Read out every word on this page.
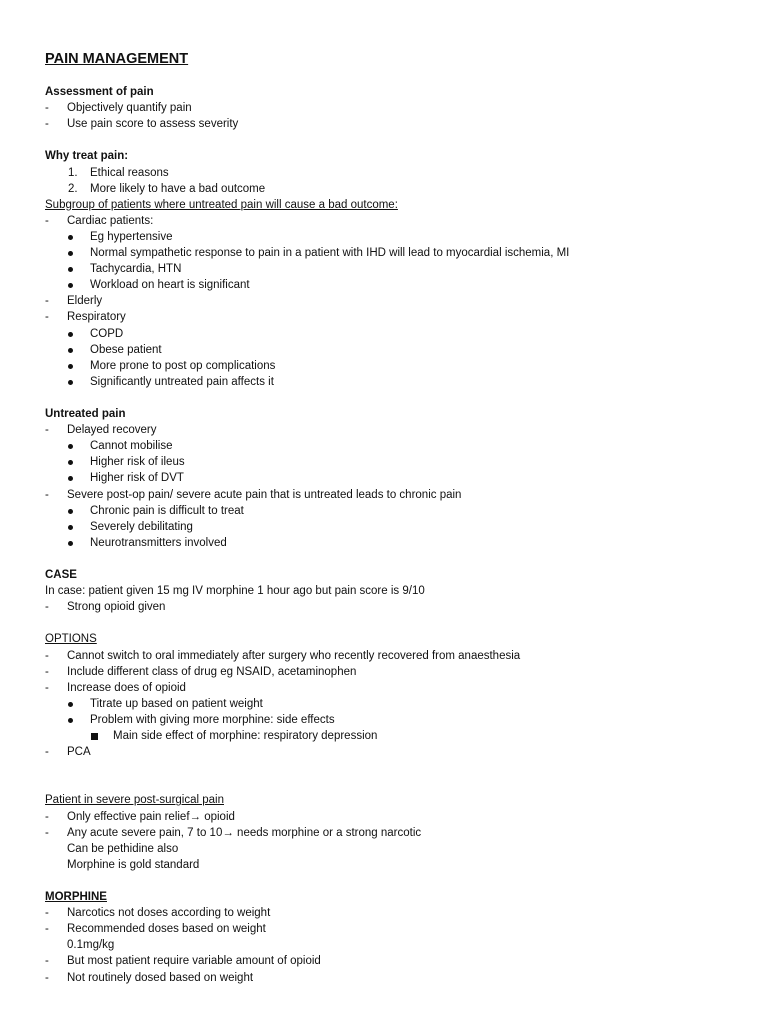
PAIN MANAGEMENT
Assessment of pain
- Objectively quantify pain
- Use pain score to assess severity
Why treat pain:
1. Ethical reasons
2. More likely to have a bad outcome
Subgroup of patients where untreated pain will cause a bad outcome:
- Cardiac patients:
Eg hypertensive
Normal sympathetic response to pain in a patient with IHD will lead to myocardial ischemia, MI
Tachycardia, HTN
Workload on heart is significant
- Elderly
- Respiratory
COPD
Obese patient
More prone to post op complications
Significantly untreated pain affects it
Untreated pain
- Delayed recovery
Cannot mobilise
Higher risk of ileus
Higher risk of DVT
- Severe post-op pain/ severe acute pain that is untreated leads to chronic pain
Chronic pain is difficult to treat
Severely debilitating
Neurotransmitters involved
CASE
In case: patient given 15 mg IV morphine 1 hour ago but pain score is 9/10
- Strong opioid given
OPTIONS
- Cannot switch to oral immediately after surgery who recently recovered from anaesthesia
- Include different class of drug eg NSAID, acetaminophen
- Increase does of opioid
Titrate up based on patient weight
Problem with giving more morphine: side effects
Main side effect of morphine: respiratory depression
- PCA
Patient in severe post-surgical pain
- Only effective pain relief→ opioid
- Any acute severe pain, 7 to 10→ needs morphine or a strong narcotic
Can be pethidine also
Morphine is gold standard
MORPHINE
- Narcotics not doses according to weight
- Recommended doses based on weight
0.1mg/kg
- But most patient require variable amount of opioid
- Not routinely dosed based on weight
